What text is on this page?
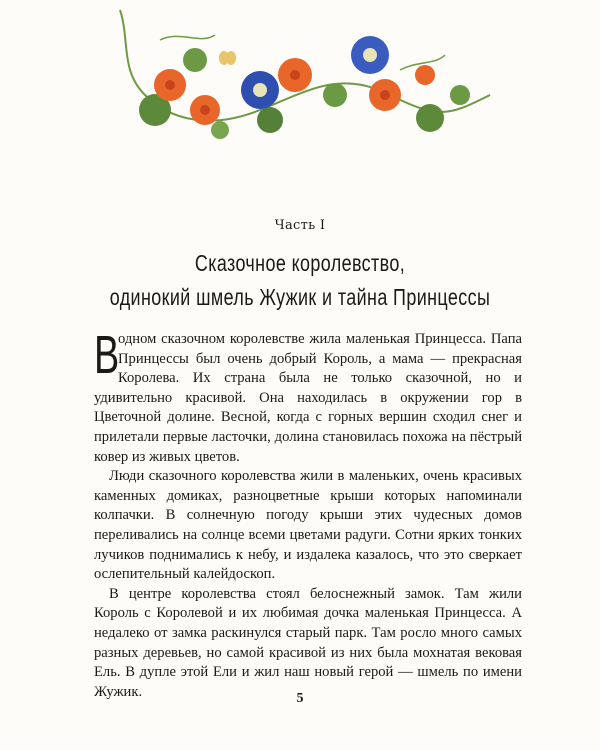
Часть I
Сказочное королевство,
одинокий шмель Жужик и тайна Принцессы

В
одном сказочном королевстве жила маленькая Принцесса. Папа Принцессы был очень добрый Король, а мама — прекрасная Королева. Их страна была не только сказочной, но и удивительно красивой. Она находилась в окружении гор в Цветочной долине. Весной, когда с горных вершин сходил снег и прилетали первые ласточки, долина становилась похожа на пёстрый ковер из живых цветов.

Люди сказочного королевства жили в маленьких, очень красивых каменных домиках, разноцветные крыши которых напоминали колпачки. В солнечную погоду крыши этих чудесных домов переливались на солнце всеми цветами радуги. Сотни ярких тонких лучиков поднимались к небу, и издалека казалось, что это сверкает ослепительный калейдоскоп.

В центре королевства стоял белоснежный замок. Там жили Король с Королевой и их любимая дочка маленькая Принцесса. А недалеко от замка раскинулся старый парк. Там росло много самых разных деревьев, но самой красивой из них была мохнатая вековая Ель. В дупле этой Ели и жил наш новый герой — шмель по имени Жужик.	5
